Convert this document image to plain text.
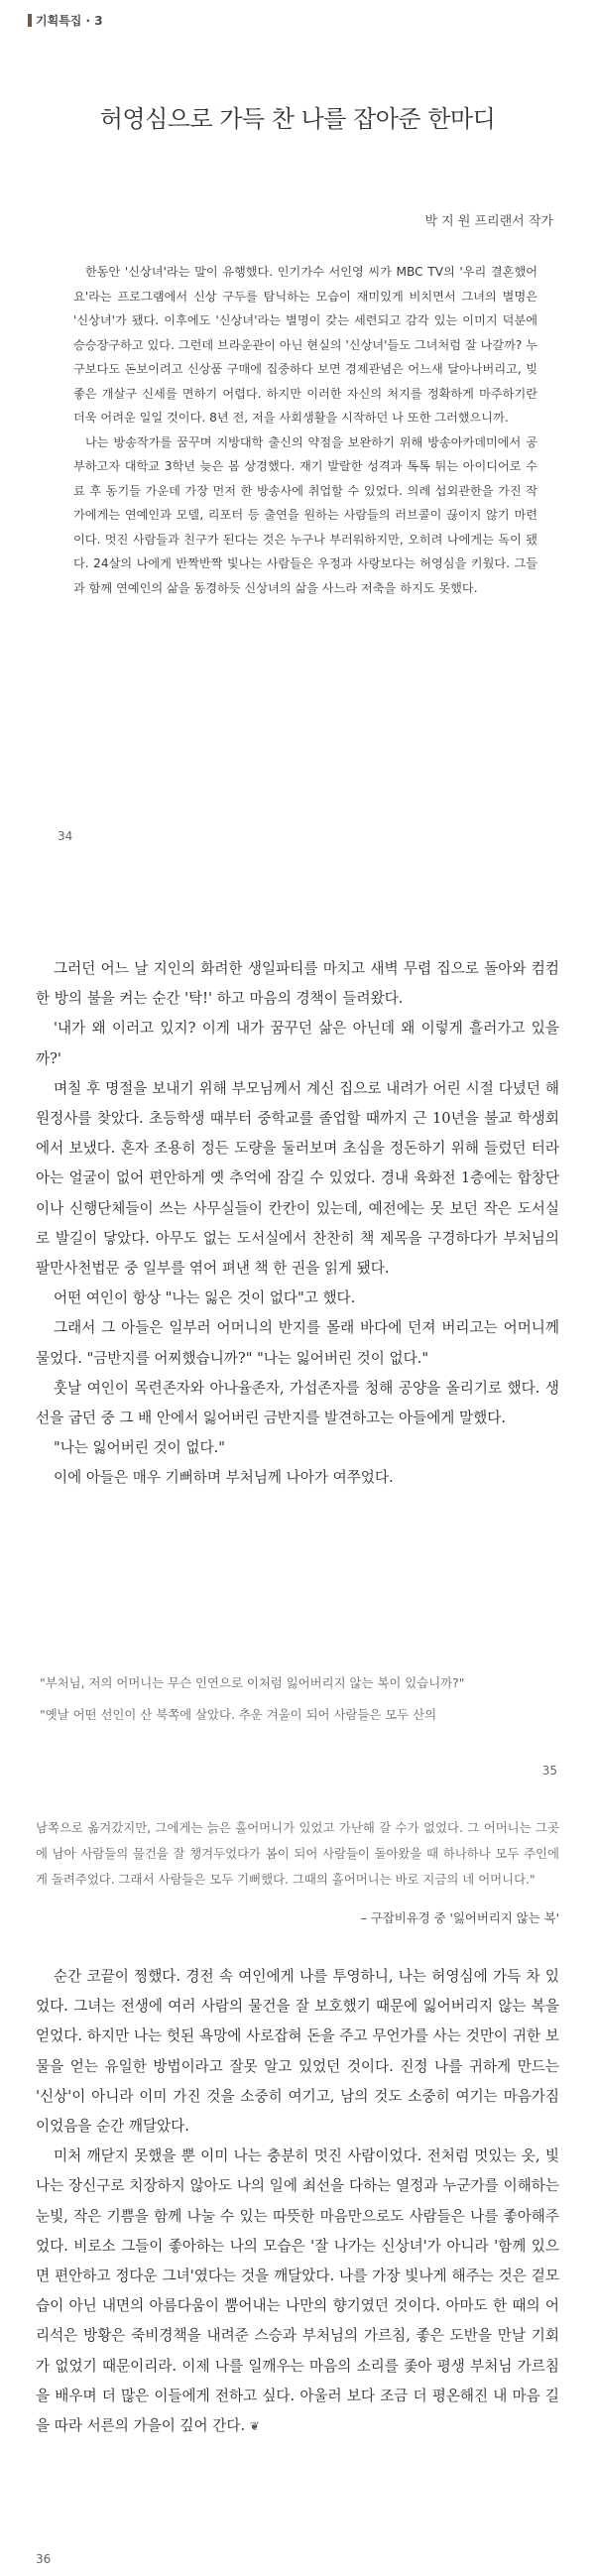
기획특집 · 3
허영심으로 가득 찬 나를 잡아준 한마디
박 지 원 프리랜서 작가

한동안 '신상녀'라는 말이 유행했다. 인기가수 서인영 씨가 MBC TV의 '우리 결혼했어요'라는 프로그램에서 신상 구두를 탐닉하는 모습이 재미있게 비치면서 그녀의 별명은 '신상녀'가 됐다. 이후에도 '신상녀'라는 별명이 갖는 세련되고 감각 있는 이미지 덕분에 승승장구하고 있다. 그런데 브라운관이 아닌 현실의 '신상녀'들도 그녀처럼 잘 나갈까? 누구보다도 돈보이려고 신상품 구매에 집중하다 보면 경제관념은 어느새 달아나버리고, 빚 좋은 개살구 신세를 면하기 어렵다. 하지만 이러한 자신의 처지를 정확하게 마주하기란 더욱 어려운 일일 것이다. 8년 전, 저을 사회생활을 시작하던 나 또한 그러했으니까.

나는 방송작가를 꿈꾸며 지방대학 출신의 약점을 보완하기 위해 방송아카데미에서 공부하고자 대학교 3학년 늦은 봄 상경했다. 재기 발랄한 성격과 톡톡 튀는 아이디어로 수료 후 동기들 가운데 가장 먼저 한 방송사에 취업할 수 있었다. 의례 섭외관한을 가진 작가에게는 연예인과 모델, 리포터 등 출연을 원하는 사람들의 러브콜이 끊이지 않기 마련이다. 멋진 사람들과 친구가 된다는 것은 누구나 부러워하지만, 오히려 나에게는 독이 됐다. 24살의 나에게 반짝반짝 빛나는 사람들은 우정과 사랑보다는 허영심을 키웠다. 그들과 함께 연예인의 삶을 동경하듯 신상녀의 삶을 사느라 저축을 하지도 못했다.

34

그러던 어느 날 지인의 화려한 생일파티를 마치고 새벽 무렵 집으로 돌아와 컴컴한 방의 불을 켜는 순간 '탁!' 하고 마음의 경책이 들려왔다.

'내가 왜 이러고 있지? 이게 내가 꿈꾸던 삶은 아닌데 왜 이렇게 흘러가고 있을까?'

며칠 후 명절을 보내기 위해 부모님께서 계신 집으로 내려가 어린 시절 다녔던 해원정사를 찾았다. 초등학생 때부터 중학교를 졸업할 때까지 근 10년을 불교 학생회에서 보냈다. 혼자 조용히 정든 도량을 둘러보며 초심을 정돈하기 위해 들렀던 터라 아는 얼굴이 없어 편안하게 옛 추억에 잠길 수 있었다. 경내 육화전 1층에는 합창단이나 신행단체들이 쓰는 사무실들이 칸칸이 있는데, 예전에는 못 보던 작은 도서실로 발길이 닿았다. 아무도 없는 도서실에서 찬찬히 책 제목을 구경하다가 부처님의 팔만사천법문 중 일부를 엮어 펴낸 책 한 권을 읽게 됐다.

어떤 여인이 항상 "나는 잃은 것이 없다"고 했다.

그래서 그 아들은 일부러 어머니의 반지를 몰래 바다에 던져 버리고는 어머니께 물었다. "금반지를 어찌했습니까?" "나는 잃어버린 것이 없다."

훗날 여인이 목련존자와 아나율존자, 가섭존자를 청해 공양을 올리기로 했다. 생선을 굽던 중 그 배 안에서 잃어버린 금반지를 발견하고는 아들에게 말했다.

"나는 잃어버린 것이 없다."

이에 아들은 매우 기뻐하며 부처님께 나아가 여쭈었다.

"부처님, 저의 어머니는 무슨 인연으로 이처럼 잃어버리지 않는 복이 있습니까?"

"옛날 어떤 선인이 산 북쪽에 살았다. 추운 겨울이 되어 사람들은 모두 산의

35

남쪽으로 옮겨갔지만, 그에게는 늙은 홀어머니가 있었고 가난해 갈 수가 없었다. 그 어머니는 그곳에 남아 사람들의 물건을 잘 챙겨두었다가 봄이 되어 사람들이 돌아왔을 때 하나하나 모두 주인에게 돌려주었다. 그래서 사람들은 모두 기뻐했다. 그때의 홀어머니는 바로 지금의 네 어머니다."

– 구잡비유경 중 '잃어버리지 않는 복'

순간 코끝이 찡했다. 경전 속 여인에게 나를 투영하니, 나는 허영심에 가득 차 있었다. 그녀는 전생에 여러 사람의 물건을 잘 보호했기 때문에 잃어버리지 않는 복을 얻었다. 하지만 나는 헛된 욕망에 사로잡혀 돈을 주고 무언가를 사는 것만이 귀한 보물을 얻는 유일한 방법이라고 잘못 알고 있었던 것이다. 진정 나를 귀하게 만드는 '신상'이 아니라 이미 가진 것을 소중히 여기고, 남의 것도 소중히 여기는 마음가짐이었음을 순간 깨달았다.

미처 깨닫지 못했을 뿐 이미 나는 충분히 멋진 사람이었다. 전처럼 멋있는 옷, 빛나는 장신구로 치장하지 않아도 나의 일에 최선을 다하는 열정과 누군가를 이해하는 눈빛, 작은 기쁨을 함께 나눌 수 있는 따뜻한 마음만으로도 사람들은 나를 좋아해주었다. 비로소 그들이 좋아하는 나의 모습은 '잘 나가는 신상녀'가 아니라 '함께 있으면 편안하고 정다운 그녀'였다는 것을 깨달았다. 나를 가장 빛나게 해주는 것은 겉모습이 아닌 내면의 아름다움이 뿜어내는 나만의 향기였던 것이다. 아마도 한 때의 어리석은 방황은 죽비경책을 내려준 스승과 부처님의 가르침, 좋은 도반을 만날 기회가 없었기 때문이리라. 이제 나를 일깨우는 마음의 소리를 좇아 평생 부처님 가르침을 배우며 더 많은 이들에게 전하고 싶다. 아울러 보다 조금 더 평온해진 내 마음 길을 따라 서른의 가을이 깊어 간다. ❦

36
